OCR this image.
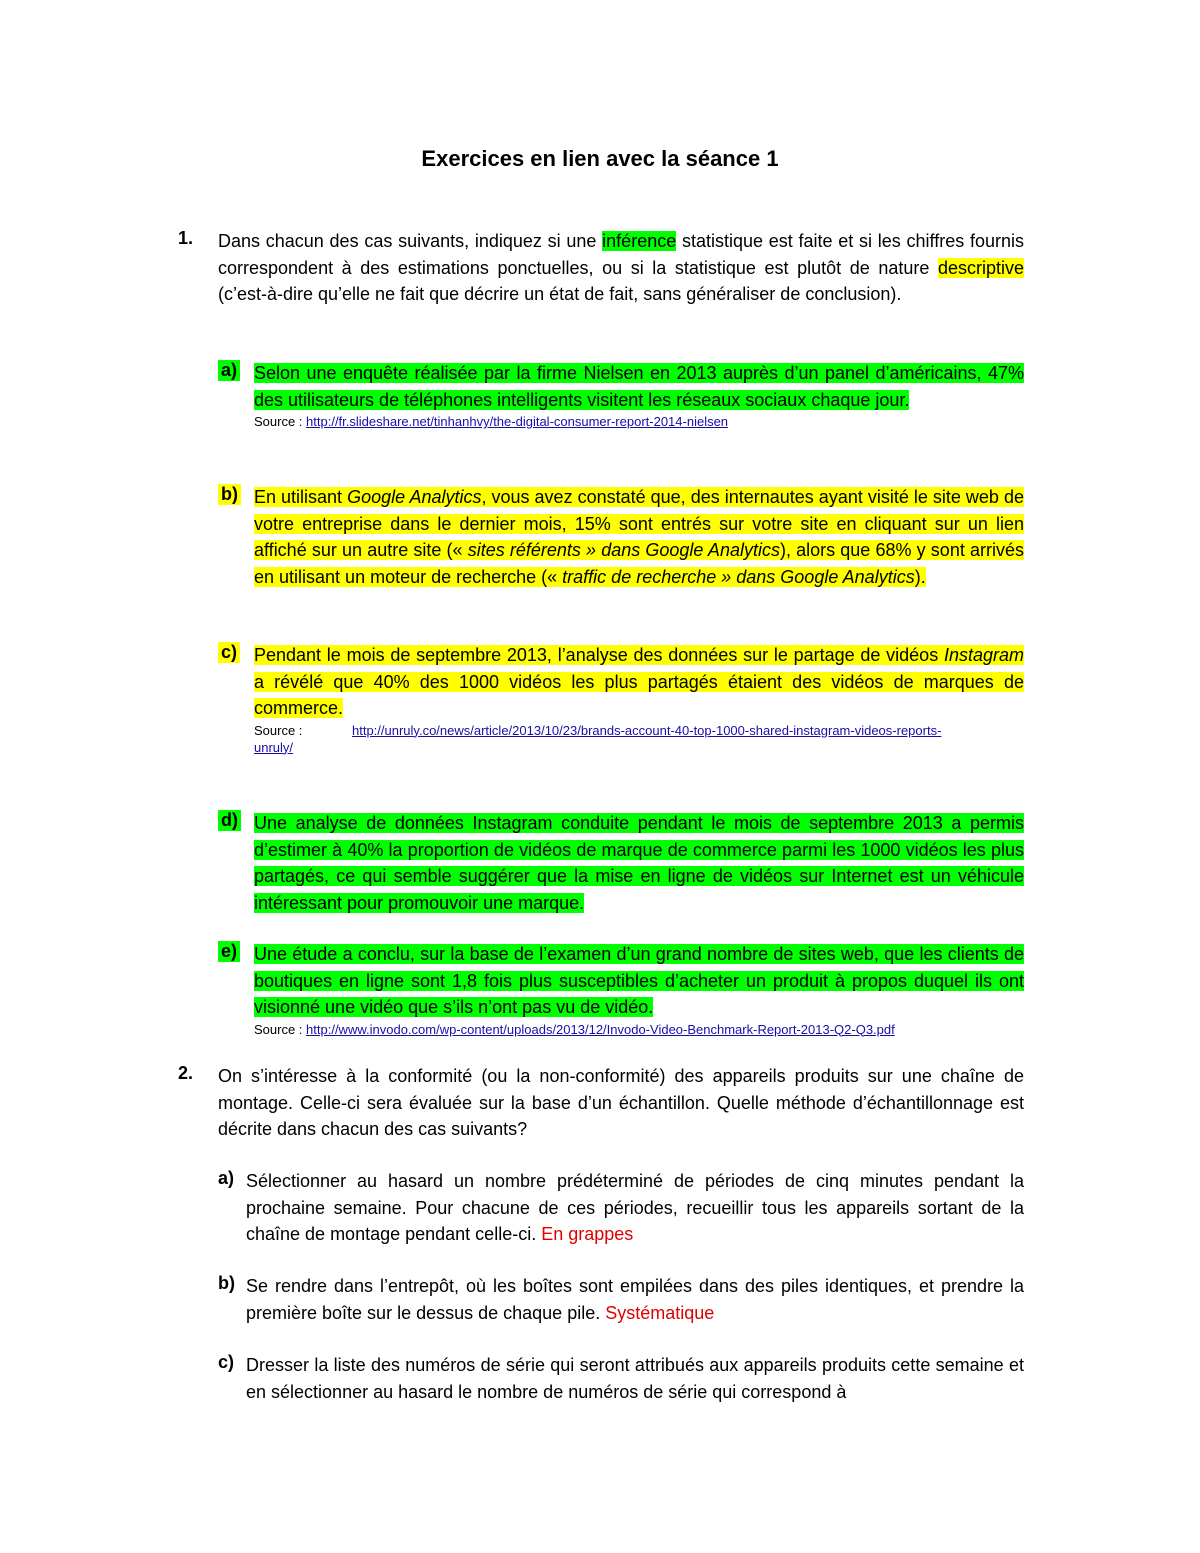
Exercices en lien avec la séance 1
1. Dans chacun des cas suivants, indiquez si une inférence statistique est faite et si les chiffres fournis correspondent à des estimations ponctuelles, ou si la statistique est plutôt de nature descriptive (c’est-à-dire qu’elle ne fait que décrire un état de fait, sans généraliser de conclusion).
a) Selon une enquête réalisée par la firme Nielsen en 2013 auprès d’un panel d’américains, 47% des utilisateurs de téléphones intelligents visitent les réseaux sociaux chaque jour.
Source : http://fr.slideshare.net/tinhanhvy/the-digital-consumer-report-2014-nielsen
b) En utilisant Google Analytics, vous avez constaté que, des internautes ayant visité le site web de votre entreprise dans le dernier mois, 15% sont entrés sur votre site en cliquant sur un lien affiché sur un autre site (« sites référents » dans Google Analytics), alors que 68% y sont arrivés en utilisant un moteur de recherche (« traffic de recherche » dans Google Analytics).
c) Pendant le mois de septembre 2013, l’analyse des données sur le partage de vidéos Instagram a révélé que 40% des 1000 vidéos les plus partagés étaient des vidéos de marques de commerce.
Source :	http://unruly.co/news/article/2013/10/23/brands-account-40-top-1000-shared-instagram-videos-reports-
unruly/
d) Une analyse de données Instagram conduite pendant le mois de septembre 2013 a permis d’estimer à 40% la proportion de vidéos de marque de commerce parmi les 1000 vidéos les plus partagés, ce qui semble suggérer que la mise en ligne de vidéos sur Internet est un véhicule intéressant pour promouvoir une marque.
e) Une étude a conclu, sur la base de l’examen d’un grand nombre de sites web, que les clients de boutiques en ligne sont 1,8 fois plus susceptibles d’acheter un produit à propos duquel ils ont visionné une vidéo que s’ils n’ont pas vu de vidéo.
Source : http://www.invodo.com/wp-content/uploads/2013/12/Invodo-Video-Benchmark-Report-2013-Q2-Q3.pdf
2. On s’intéresse à la conformité (ou la non-conformité) des appareils produits sur une chaîne de montage. Celle-ci sera évaluée sur la base d’un échantillon. Quelle méthode d’échantillonnage est décrite dans chacun des cas suivants?
a) Sélectionner au hasard un nombre prédéterminé de périodes de cinq minutes pendant la prochaine semaine. Pour chacune de ces périodes, recueillir tous les appareils sortant de la chaîne de montage pendant celle-ci. En grappes
b) Se rendre dans l’entrepôt, où les boîtes sont empilées dans des piles identiques, et prendre la première boîte sur le dessus de chaque pile. Systématique
c) Dresser la liste des numéros de série qui seront attribués aux appareils produits cette semaine et en sélectionner au hasard le nombre de numéros de série qui correspond à
